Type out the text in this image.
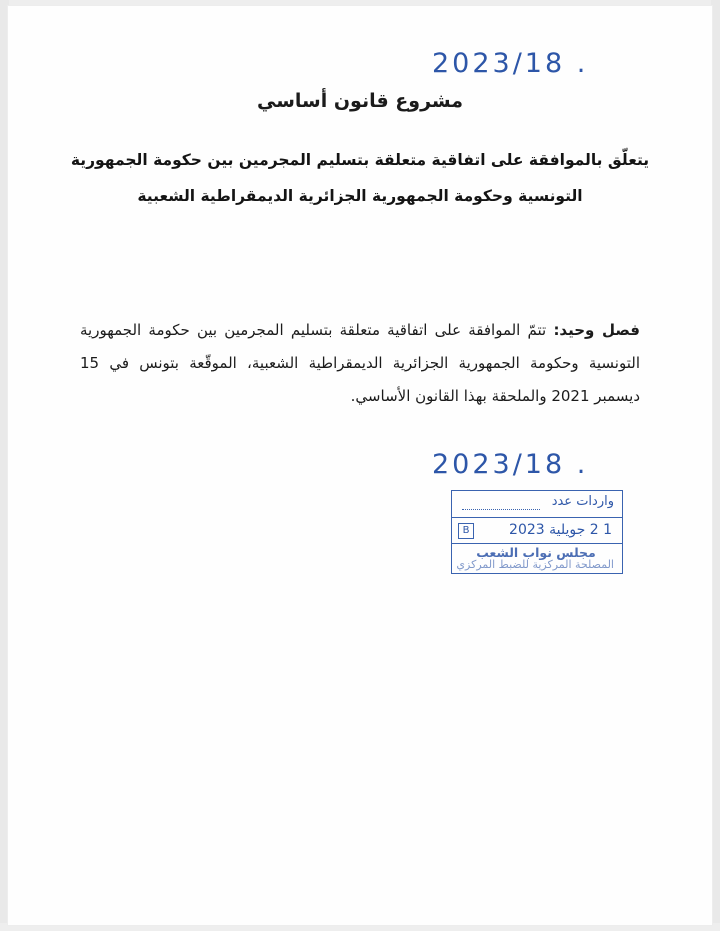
2023/18 .
مشروع قانون أساسي
يتعلّق بالموافقة على اتفاقية متعلقة بتسليم المجرمين بين حكومة الجمهورية التونسية وحكومة الجمهورية الجزائرية الديمقراطية الشعبية
فصل وحيد: تتمّ الموافقة على اتفاقية متعلقة بتسليم المجرمين بين حكومة الجمهورية التونسية وحكومة الجمهورية الجزائرية الديمقراطية الشعبية، الموقّعة بتونس في 15 ديسمبر 2021 والملحقة بهذا القانون الأساسي.
2023/18 .
واردات عدد
B	2 1 جويلية 2023
مجلس نواب الشعب
المصلحة المركزية للضبط المركزي
